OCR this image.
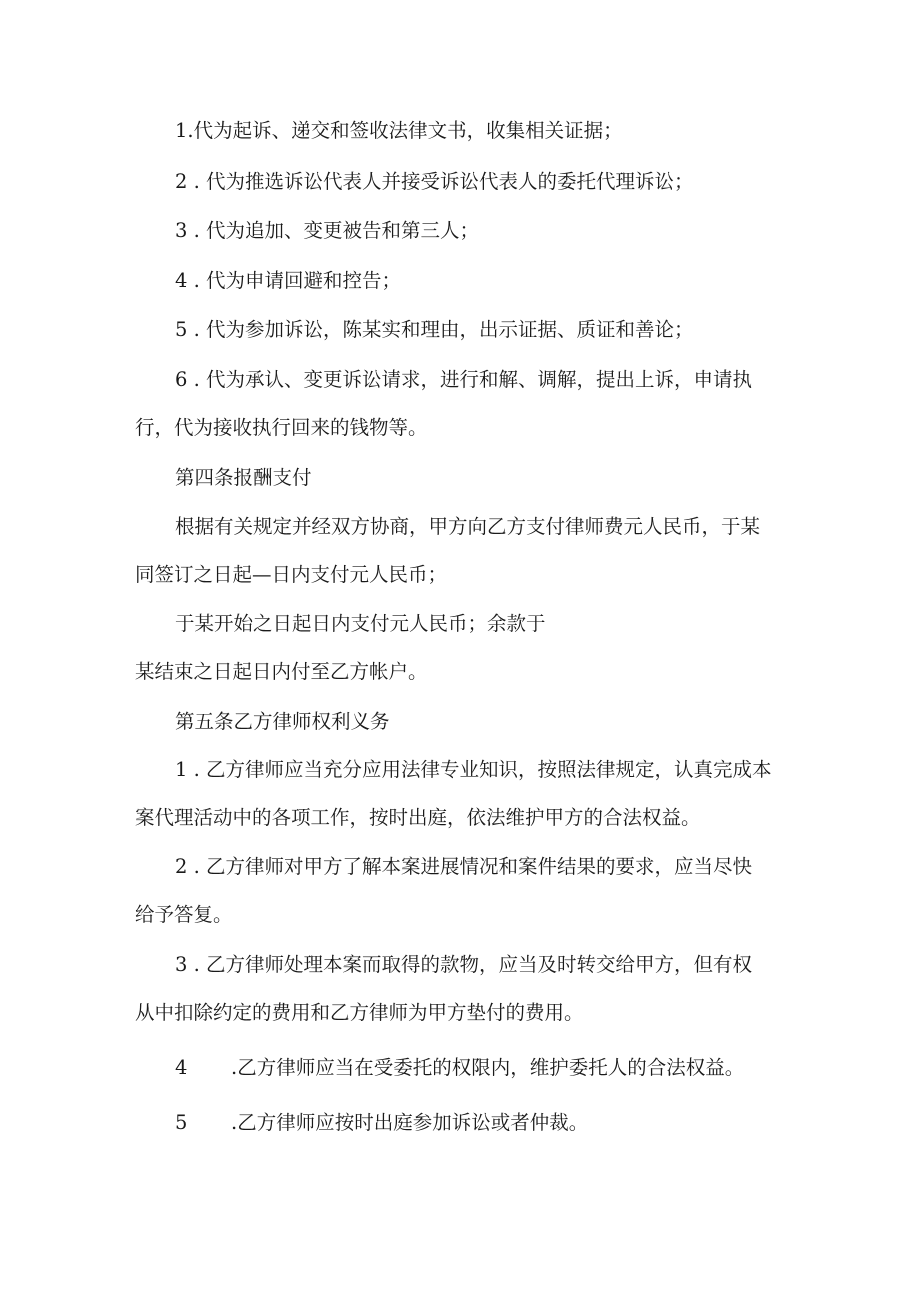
1.代为起诉、递交和签收法律文书，收集相关证据；

2 . 代为推选诉讼代表人并接受诉讼代表人的委托代理诉讼；

3 . 代为追加、变更被告和第三人；

4 . 代为申请回避和控告；

5 . 代为参加诉讼，陈某实和理由，出示证据、质证和善论；

6 . 代为承认、变更诉讼请求，进行和解、调解，提出上诉，申请执

行，代为接收执行回来的钱物等。

第四条报酬支付

根据有关规定并经双方协商，甲方向乙方支付律师费元人民币，于某

同签订之日起—日内支付元人民币；

于某开始之日起日内支付元人民币；余款于

某结束之日起日内付至乙方帐户。

第五条乙方律师权利义务

1 . 乙方律师应当充分应用法律专业知识，按照法律规定，认真完成本

案代理活动中的各项工作，按时出庭，依法维护甲方的合法权益。

2 . 乙方律师对甲方了解本案进展情况和案件结果的要求，应当尽快

给予答复。

3 . 乙方律师处理本案而取得的款物，应当及时转交给甲方，但有权

从中扣除约定的费用和乙方律师为甲方垫付的费用。

4 .乙方律师应当在受委托的权限内，维护委托人的合法权益。

5 .乙方律师应按时出庭参加诉讼或者仲裁。
